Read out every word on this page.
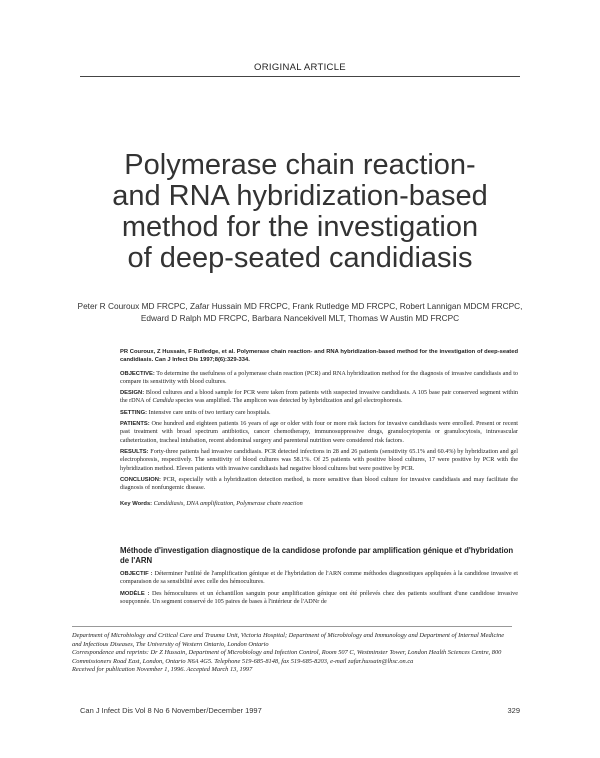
ORIGINAL ARTICLE
Polymerase chain reaction-
and RNA hybridization-based
method for the investigation
of deep-seated candidiasis
Peter R Couroux MD FRCPC, Zafar Hussain MD FRCPC, Frank Rutledge MD FRCPC, Robert Lannigan MDCM FRCPC,
Edward D Ralph MD FRCPC, Barbara Nancekivell MLT, Thomas W Austin MD FRCPC

PR Couroux, Z Hussain, F Rutledge, et al. Polymerase chain reaction- and RNA hybridization-based method for the investigation of deep-seated candidiasis. Can J Infect Dis 1997;8(6):329-334.

OBJECTIVE: To determine the usefulness of a polymerase chain reaction (PCR) and RNA hybridization method for the diagnosis of invasive candidiasis and to compare its sensitivity with blood cultures.

DESIGN: Blood cultures and a blood sample for PCR were taken from patients with suspected invasive candidiasis. A 105 base pair conserved segment within the rDNA of Candida species was amplified. The amplicon was detected by hybridization and gel electrophoresis.

SETTING: Intensive care units of two tertiary care hospitals.

PATIENTS: One hundred and eighteen patients 16 years of age or older with four or more risk factors for invasive candidiasis were enrolled. Present or recent past treatment with broad spectrum antibiotics, cancer chemotherapy, immunosuppressive drugs, granulocytopenia or granulocytosis, intravascular catheterization, tracheal intubation, recent abdominal surgery and parenteral nutrition were considered risk factors.

RESULTS: Forty-three patients had invasive candidiasis. PCR detected infections in 28 and 26 patients (sensitivity 65.1% and 60.4%) by hybridization and gel electrophoresis, respectively. The sensitivity of blood cultures was 58.1%. Of 25 patients with positive blood cultures, 17 were positive by PCR with the hybridization method. Eleven patients with invasive candidiasis had negative blood cultures but were positive by PCR.

CONCLUSION: PCR, especially with a hybridization detection method, is more sensitive than blood culture for invasive candidiasis and may facilitate the diagnosis of nonfungemic disease.

Key Words: Candidiasis, DNA amplification, Polymerase chain reaction

Méthode d'investigation diagnostique de la candidose profonde par amplification génique et d'hybridation de l'ARN

OBJECTIF : Déterminer l'utilité de l'amplification génique et de l'hybridation de l'ARN comme méthodes diagnostiques appliquées à la candidose invasive et comparaison de sa sensibilité avec celle des hémocultures.

MODÈLE : Des hémocultures et un échantillon sanguin pour amplification génique ont été prélevés chez des patients souffrant d'une candidose invasive soupçonnée. Un segment conservé de 105 paires de bases à l'intérieur de l'ADNr de

Department of Microbiology and Critical Care and Trauma Unit, Victoria Hospital; Department of Microbiology and Immunology and Department of Internal Medicine and Infectious Diseases, The University of Western Ontario, London Ontario

Correspondence and reprints: Dr Z Hussain, Department of Microbiology and Infection Control, Room 507 C, Westminster Tower, London Health Sciences Centre, 800 Commissioners Road East, London, Ontario N6A 4G5. Telephone 519-685-8148, fax 519-685-8203, e-mail zafar.hussain@lhsc.on.ca

Received for publication November 1, 1996. Accepted March 13, 1997

Can J Infect Dis Vol 8 No 6 November/December 1997	329
